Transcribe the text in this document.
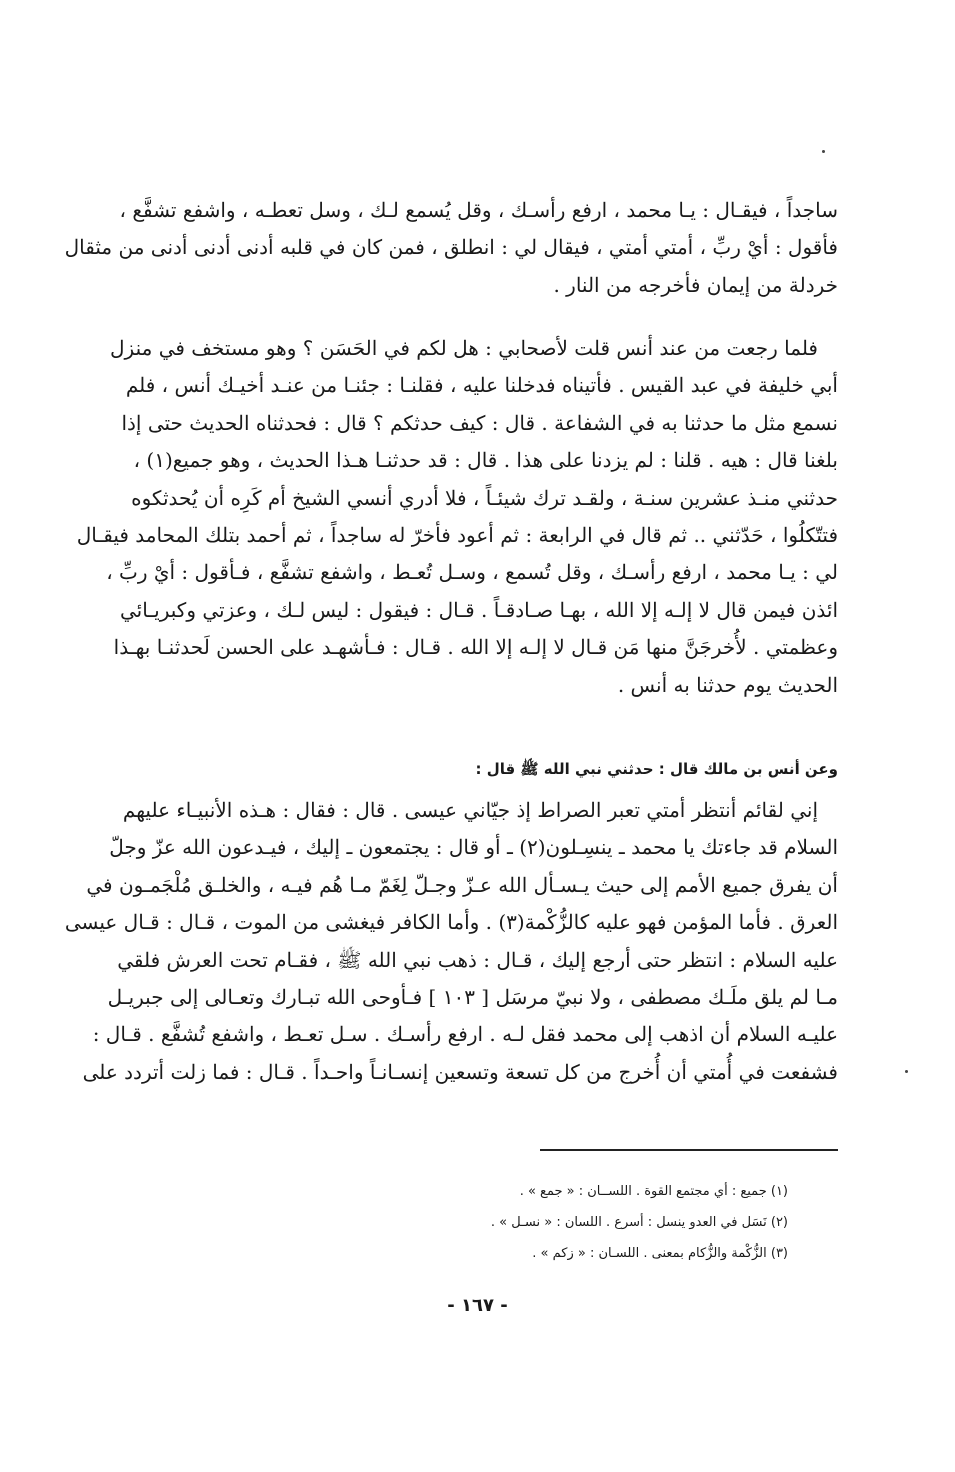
ساجداً ، فيقـال : يـا محمد ، ارفع رأسـك ، وقل يُسمع لـك ، وسل تعطـه ، واشفع تشفَّع ،
فأقول : أيْ ربِّ ، أمتي أمتي ، فيقال لي : انطلق ، فمن كان في قلبه أدنى أدنى أدنى من مثقال
خردلة من إيمان فأخرجه من النار .
فلما رجعت من عند أنس قلت لأصحابي : هل لكم في الحَسَن ؟ وهو مستخف في منزل
أبي خليفة في عبد القيس . فأتيناه فدخلنا عليه ، فقلنـا : جئنـا من عنـد أخيـك أنس ، فلم
نسمع مثل ما حدثنا به في الشفاعة . قال : كيف حدثكم ؟ قال : فحدثناه الحديث حتى إذا
بلغنا قال : هيه . قلنا : لم يزدنا على هذا . قال : قد حدثنـا هـذا الحديث ، وهو جميع(١) ،
حدثني منـذ عشرين سنـة ، ولقـد ترك شيئـاً ، فلا أدري أنسي الشيخ أم كَرِه أن يُحدثكوه
فتتّكلُوا ، حَدّثني .. ثم قال في الرابعة : ثم أعود فأخرّ له ساجداً ، ثم أحمد بتلك المحامد فيقـال
لي : يـا محمد ، ارفع رأسـك ، وقل تُسمع ، وسـل تُعـط ، واشفع تشفَّع ، فـأقول : أيْ ربِّ ،
ائذن فيمن قال لا إلـه إلا الله ، بهـا صـادقـاً . قـال : فيقول : ليس لـك ، وعزتي وكبريـائي
وعظمتي . لأُخرجَنَّ منها مَن قـال لا إلـه إلا الله . قـال : فـأشهـد على الحسن لَحدثنـا بهـذا
الحديث يوم حدثنا به أنس .
وعن أنس بن مالك قال : حدثني نبي الله ﷺ قال :
إني لقائم أنتظر أمتي تعبر الصراط إذ جيّاني عيسى . قال : فقال : هـذه الأنبيـاء عليهم
السلام قد جاءتك يا محمد ـ ينسِـلون(٢) ـ أو قال : يجتمعون ـ إليك ، فيـدعون الله عزّ وجلّ
أن يفرق جميع الأمم إلى حيث يـسـأل الله عـزّ وجـلّ لِغَمّ مـا هُم فيـه ، والخلـق مُلْجَمـون في
العرق . فأما المؤمن فهو عليه كالزُّكْمة(٣) . وأما الكافر فيغشى من الموت ، قـال : قـال عيسى
عليه السلام : انتظر حتى أرجع إليك ، قـال : ذهب نبي الله ﷺ ، فقـام تحت العرش فلقي
مـا لم يلق ملَـك مصطفى ، ولا نبيّ مرسَل [ ١٠٣ ] فـأوحى الله تبـارك وتعـالى إلى جبريـل
عليـه السلام أن اذهب إلى محمد فقل لـه . ارفع رأسـك . سـل تعـط ، واشفع تُشفَّع . قـال :
فشفعت في أُمتي أن أُخرج من كل تسعة وتسعين إنسـانـاً واحـداً . قـال : فما زلت أتردد على
(١) جميع : أي مجتمع القوة . اللســان : « جمع » .
(٢) نَسَل في العدو ينسل : أسرع . اللسان : « نسـل » .
(٣) الزُّكْمة والزُّكام بمعنى . اللسـان : « زكم » .
- ١٦٧ -
